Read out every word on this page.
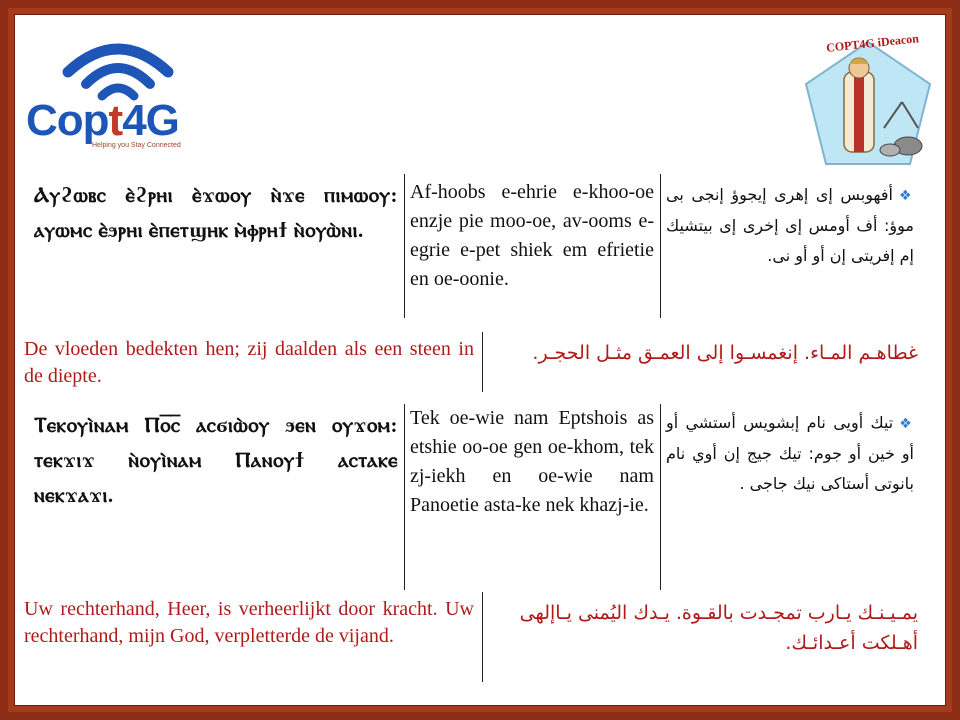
Copt4G
Helping you Stay Connected
COPT4G iDeacon
Ⲁⲩϩⲱⲃⲥ ⲉ̀ϩⲣⲏⲓ ⲉ̀ϫⲱⲟⲩ ⲛ̀ϫⲉ ⲡⲓⲙⲱⲟⲩ: ⲁⲩⲱⲙⲥ ⲉ̀ϧⲣⲏⲓ ⲉ̀ⲡⲉⲧϣⲏⲕ ⲙ̀ⲫⲣⲏϯ ⲛ̀ⲟⲩⲱ̀ⲛⲓ.
Af-hoobs e-ehrie e-khoo-oe enzje pie moo-oe, av-ooms e-egrie e-pet shiek em efrietie en oe-oonie.
❖أفهوبس إى إهرى إيجوؤ إنجى بى موؤ: أف أومس إى إخرى إى بيتشيك إم إفريتى إن أو أو نى.
De vloeden bedekten hen; zij daalden als een steen in de diepte.
غطاهـم المـاء. إنغمسـوا إلى العمـق مثـل الحجـر.
Ⲧⲉⲕⲟⲩⲓ̀ⲛⲁⲙ Ⲡⲟ̅ⲥ̅ ⲁⲥϭⲓⲱ̀ⲟⲩ ϧⲉⲛ ⲟⲩϫⲟⲙ: ⲧⲉⲕϫⲓϫ ⲛ̀ⲟⲩⲓ̀ⲛⲁⲙ Ⲡⲁⲛⲟⲩϯ ⲁⲥⲧⲁⲕⲉ ⲛⲉⲕϫⲁϫⲓ.
Tek oe-wie nam Eptshois as etshie oo-oe gen oe-khom, tek zj-iekh en oe-wie nam Panoetie asta-ke nek khazj-ie.
❖تيك أويى نام إبشويس أستشي أو أو خين أو جوم: تيك جيج إن أوي نام بانوتى أستاكى نيك جاجى .
Uw rechterhand, Heer, is verheerlijkt door kracht. Uw rechterhand, mijn God, verpletterde de vijand.
يمـيـنـك يـارب تمجـدت بالقـوة. يـدك اليُمنى يـاإلهى أهـلكت أعـدائـك.
